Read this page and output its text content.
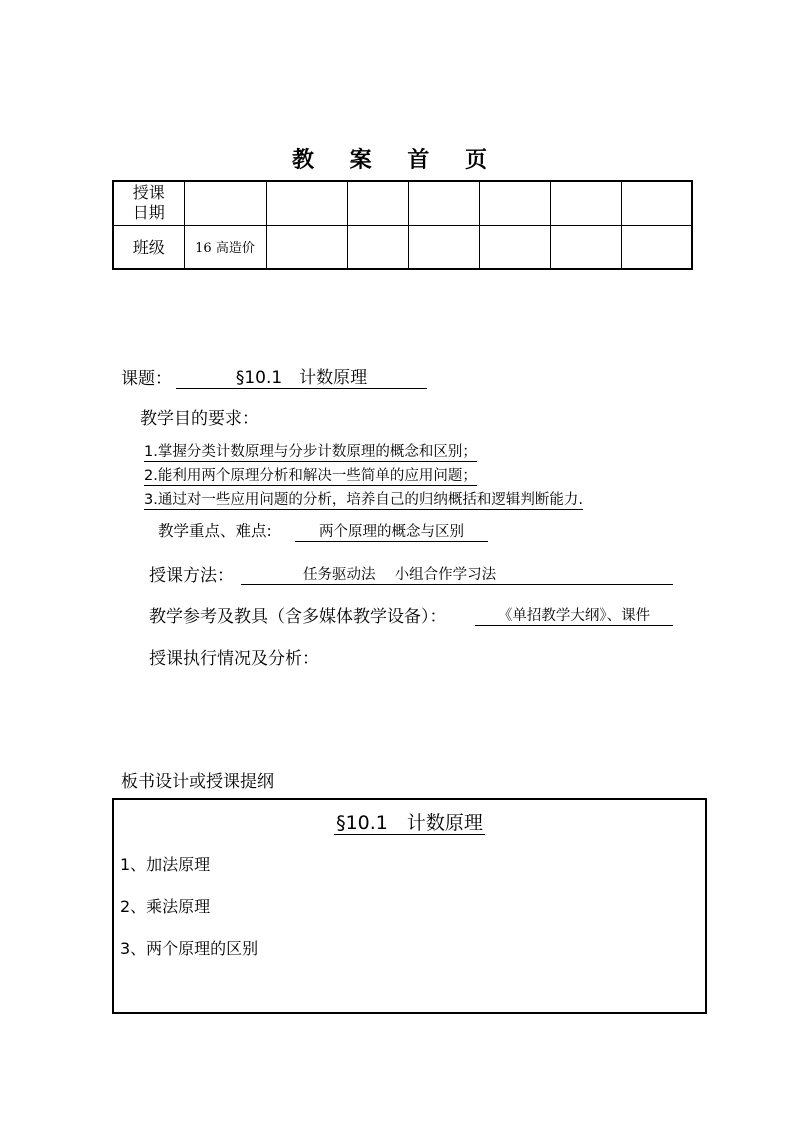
教 案 首 页
授课
日期							
班级	16 高造价						
课题：	§10.1　计数原理
教学目的要求：
1.掌握分类计数原理与分步计数原理的概念和区别；
2.能利用两个原理分析和解决一些简单的应用问题；
3.通过对一些应用问题的分析，培养自己的归纳概括和逻辑判断能力.
教学重点、难点:	两个原理的概念与区别
授课方法：	任务驱动法　 小组合作学习法
教学参考及教具（含多媒体教学设备）：	《单招教学大纲》、课件
授课执行情况及分析：
板书设计或授课提纲
§10.1　计数原理
1、加法原理
2、乘法原理
3、两个原理的区别
